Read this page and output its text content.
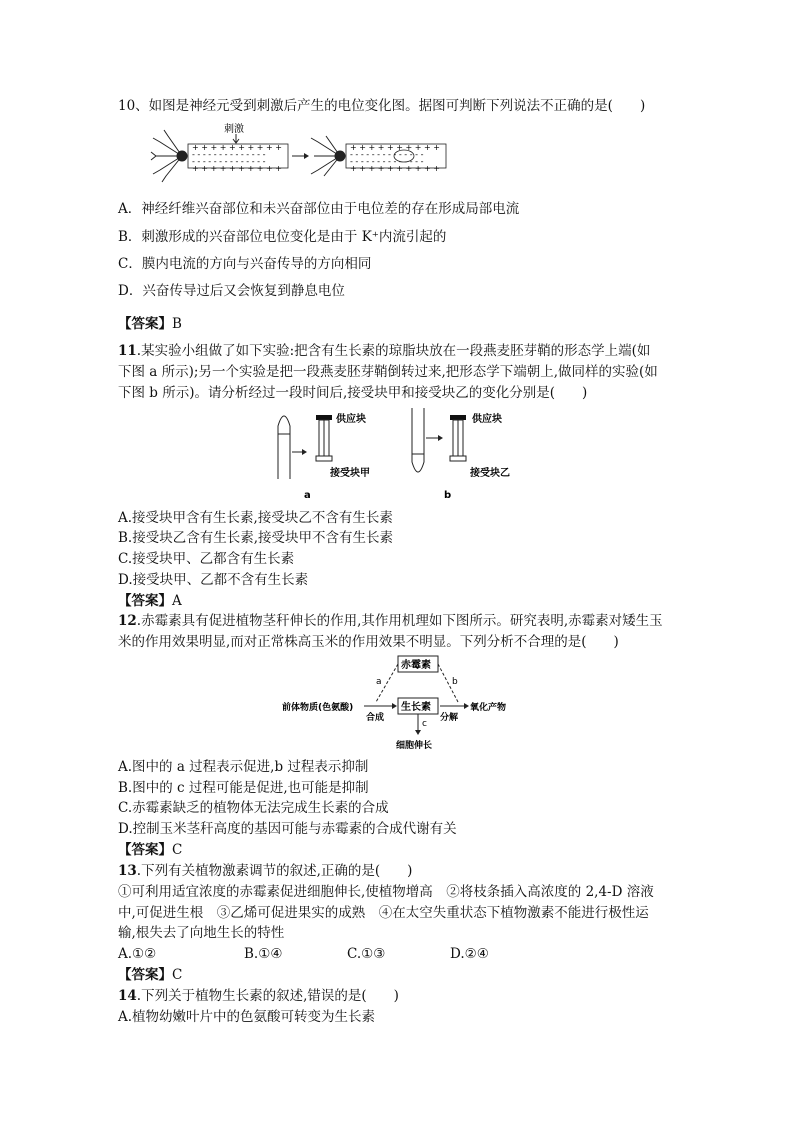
10、如图是神经元受到刺激后产生的电位变化图。据图可判断下列说法不正确的是(　　)
刺激
+ + + + + + + + + +
- - - - - - - - - - - - - -
- - - - - - - - - - - - - -
+ + + + + + + + + +
+ + + + + + + + + +
- - - - - - - - - - - - - -
- - - - - - - - - - - - - -
+ + + + + + + + + +
A．神经纤维兴奋部位和未兴奋部位由于电位差的存在形成局部电流
B．刺激形成的兴奋部位电位变化是由于 K⁺内流引起的
C．膜内电流的方向与兴奋传导的方向相同
D．兴奋传导过后又会恢复到静息电位
【答案】B
11.某实验小组做了如下实验:把含有生长素的琼脂块放在一段燕麦胚芽鞘的形态学上端(如
下图 a 所示);另一个实验是把一段燕麦胚芽鞘倒转过来,把形态学下端朝上,做同样的实验(如
下图 b 所示)。请分析经过一段时间后,接受块甲和接受块乙的变化分别是(　　)
供应块
接受块甲
a
供应块
接受块乙
b
A.接受块甲含有生长素,接受块乙不含有生长素
B.接受块乙含有生长素,接受块甲不含有生长素
C.接受块甲、乙都含有生长素
D.接受块甲、乙都不含有生长素
【答案】A
12.赤霉素具有促进植物茎秆伸长的作用,其作用机理如下图所示。研究表明,赤霉素对矮生玉
米的作用效果明显,而对正常株高玉米的作用效果不明显。下列分析不合理的是(　　)
赤霉素
生长素
前体物质(色氨酸)	氧化产物
合成	分解
a	b
c
细胞伸长
A.图中的 a 过程表示促进,b 过程表示抑制
B.图中的 c 过程可能是促进,也可能是抑制
C.赤霉素缺乏的植物体无法完成生长素的合成
D.控制玉米茎秆高度的基因可能与赤霉素的合成代谢有关
【答案】C
13.下列有关植物激素调节的叙述,正确的是(　　)
①可利用适宜浓度的赤霉素促进细胞伸长,使植物增高　②将枝条插入高浓度的 2,4-D 溶液
中,可促进生根　③乙烯可促进果实的成熟　④在太空失重状态下植物激素不能进行极性运
输,根失去了向地生长的特性
A.①②	B.①④	C.①③	D.②④
【答案】C
14.下列关于植物生长素的叙述,错误的是(　　)
A.植物幼嫩叶片中的色氨酸可转变为生长素
